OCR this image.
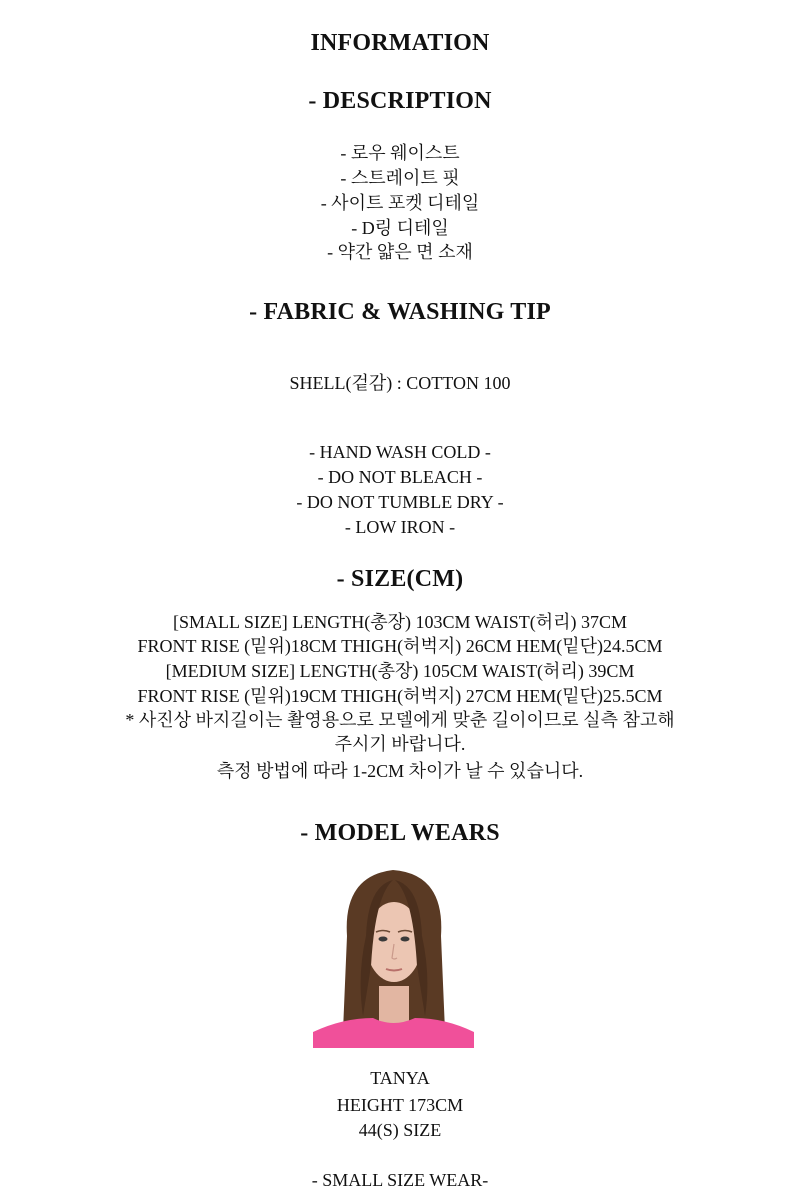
INFORMATION
- DESCRIPTION
- 로우 웨이스트
- 스트레이트 핏
- 사이트 포켓 디테일
- D링 디테일
- 약간 얇은 면 소재
- FABRIC & WASHING TIP
SHELL(겉감) : COTTON 100
- HAND WASH COLD -
- DO NOT BLEACH -
- DO NOT TUMBLE DRY -
- LOW IRON -
- SIZE(CM)
[SMALL SIZE] LENGTH(총장) 103CM WAIST(허리) 37CM
FRONT RISE (밑위)18CM THIGH(허벅지) 26CM HEM(밑단)24.5CM
[MEDIUM SIZE] LENGTH(총장) 105CM WAIST(허리) 39CM
FRONT RISE (밑위)19CM THIGH(허벅지) 27CM HEM(밑단)25.5CM
* 사진상 바지길이는 촬영용으로 모델에게 맞춘 길이이므로 실측 참고해
주시기 바랍니다.
측정 방법에 따라 1-2CM 차이가 날 수 있습니다.
- MODEL WEARS
TANYA
HEIGHT 173CM
44(S) SIZE
- SMALL SIZE WEAR-
